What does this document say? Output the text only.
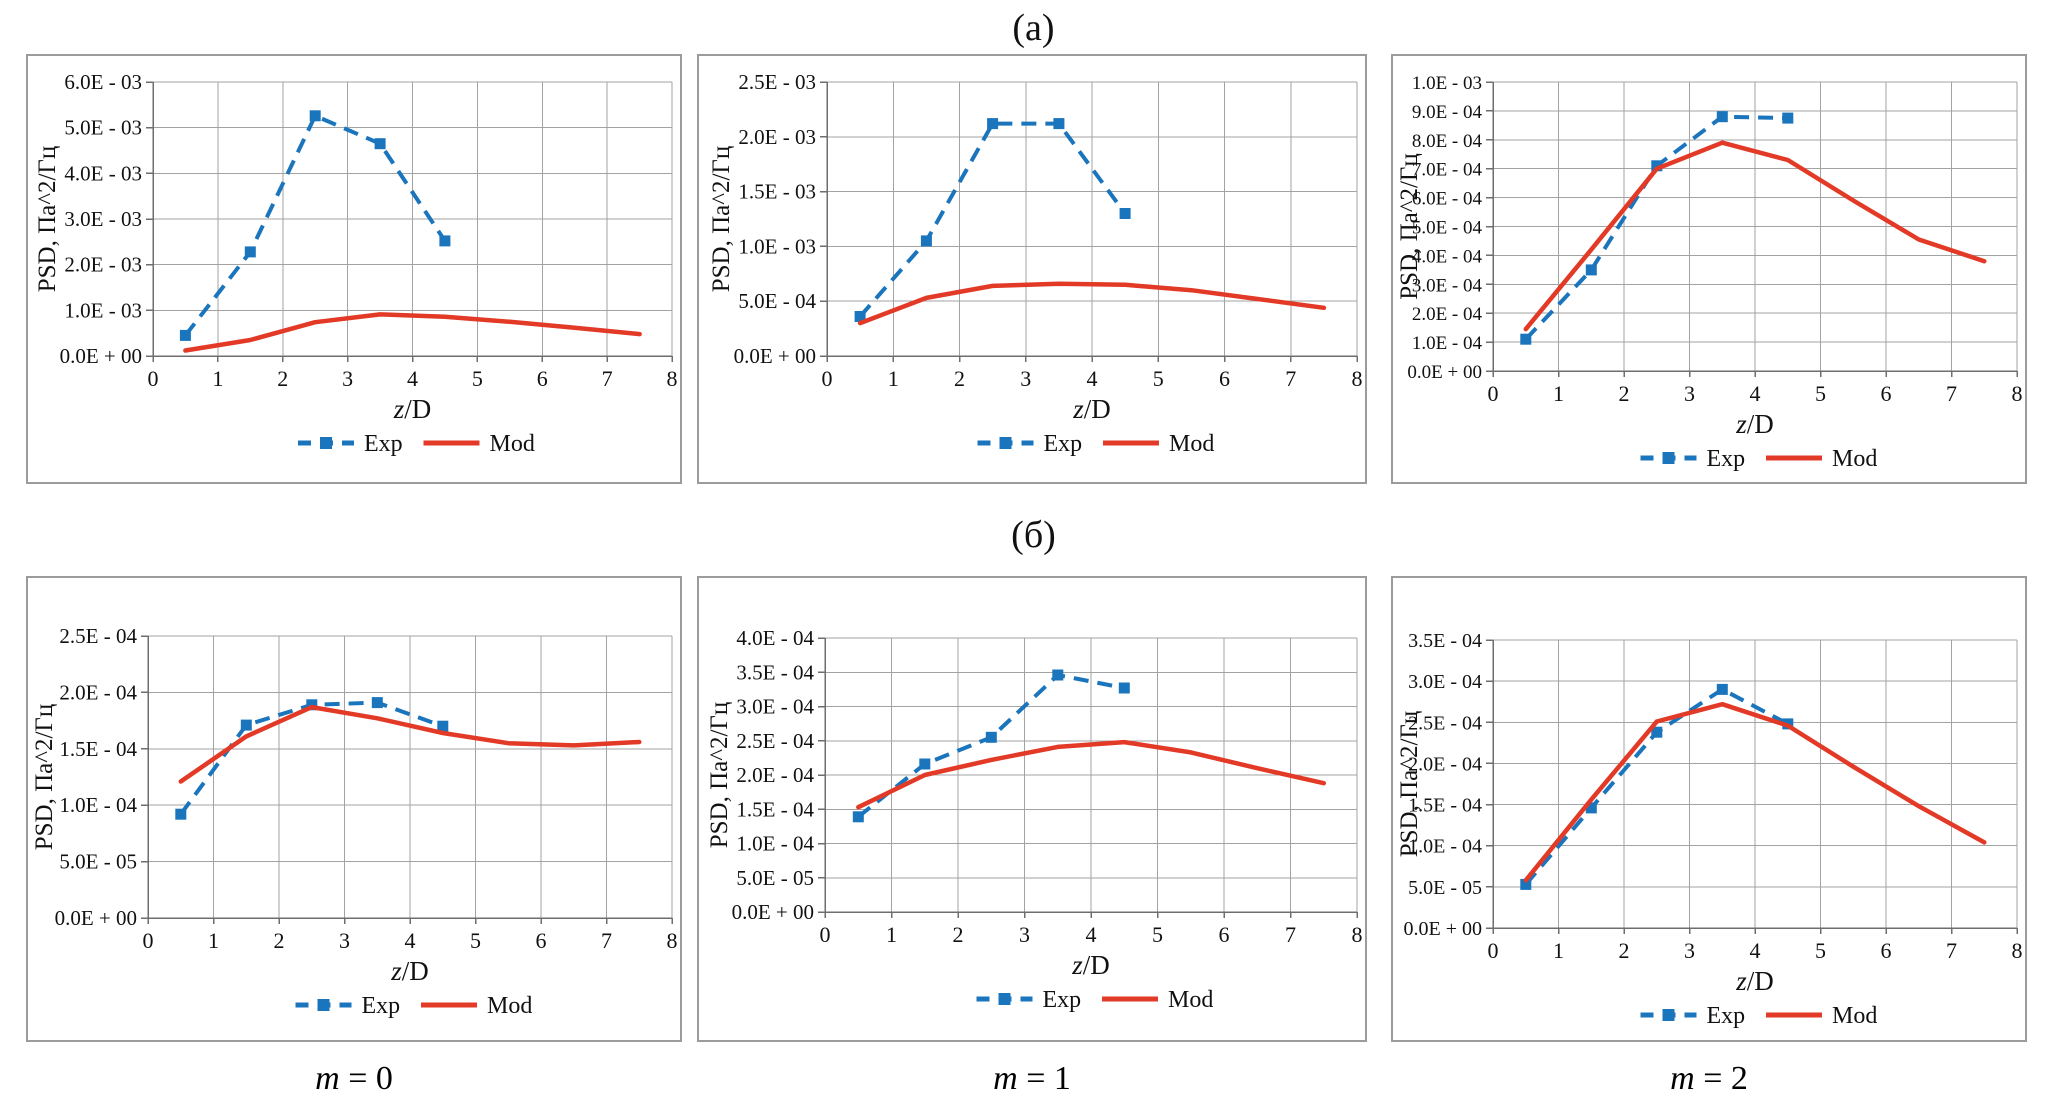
(a)
0.0E + 00
1.0E - 03
2.0E - 03
3.0E - 03
4.0E - 03
5.0E - 03
6.0E - 03
0 1 2 3 4 5 6 7 8
PSD, Па^2/Гц
z/D
Exp	Mod
0.0E + 00
5.0E - 04
1.0E - 03
1.5E - 03
2.0E - 03
2.5E - 03
0	1	2	3	4	5	6	7	8
PSD, Па^2/Гц
z/D
Exp	Mod
0.0E + 00
1.0E - 04
2.0E - 04
3.0E - 04
4.0E - 04
5.0E - 04
6.0E - 04
7.0E - 04
8.0E - 04
9.0E - 04
1.0E - 03
0 1 2 3 4 5 6 7 8
PSD, Па^2/Гц
z/D
Exp	Mod
(б)
0.0E + 00
5.0E - 05
1.0E - 04
1.5E - 04
2.0E - 04
2.5E - 04
0 1 2 3 4 5 6 7 8
PSD, Па^2/Гц
z/D
Exp	Mod
0.0E + 00
5.0E - 05
1.0E - 04
1.5E - 04
2.0E - 04
2.5E - 04
3.0E - 04
3.5E - 04
4.0E - 04
0	1	2	3	4	5	6	7	8
PSD, Па^2/Гц
z/D
Exp	Mod
0.0E + 00
5.0E - 05
1.0E - 04
1.5E - 04
2.0E - 04
2.5E - 04
3.0E - 04
3.5E - 04
0 1 2 3 4 5 6 7 8
PSD, Па^2/Гц
z/D
Exp	Mod
m = 0	m = 1	m = 2
